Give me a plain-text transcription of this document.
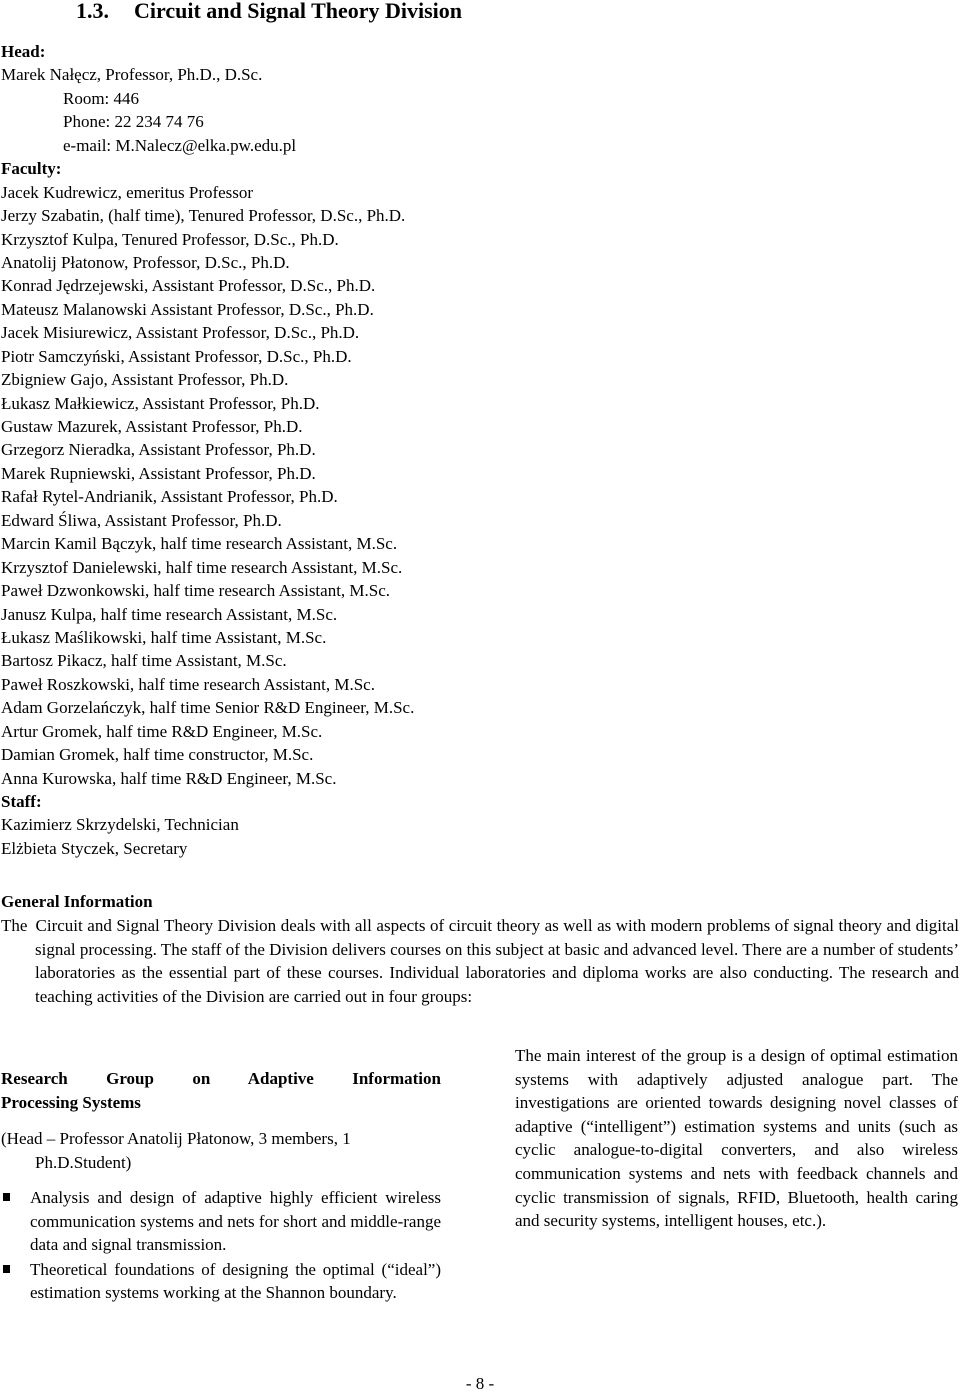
1.3. Circuit and Signal Theory Division
Head:
Marek Nałęcz, Professor, Ph.D., D.Sc.
Room: 446
Phone: 22 234 74 76
e-mail: M.Nalecz@elka.pw.edu.pl
Faculty:
Jacek Kudrewicz, emeritus Professor
Jerzy Szabatin, (half time), Tenured Professor, D.Sc., Ph.D.
Krzysztof Kulpa, Tenured Professor, D.Sc., Ph.D.
Anatolij Płatonow, Professor, D.Sc., Ph.D.
Konrad Jędrzejewski, Assistant Professor, D.Sc., Ph.D.
Mateusz Malanowski Assistant Professor, D.Sc., Ph.D.
Jacek Misiurewicz, Assistant Professor, D.Sc., Ph.D.
Piotr Samczyński, Assistant Professor, D.Sc., Ph.D.
Zbigniew Gajo, Assistant Professor, Ph.D.
Łukasz Małkiewicz, Assistant Professor, Ph.D.
Gustaw Mazurek, Assistant Professor, Ph.D.
Grzegorz Nieradka, Assistant Professor, Ph.D.
Marek Rupniewski, Assistant Professor, Ph.D.
Rafał Rytel-Andrianik, Assistant Professor, Ph.D.
Edward Śliwa, Assistant Professor, Ph.D.
Marcin Kamil Bączyk, half time research Assistant, M.Sc.
Krzysztof Danielewski, half time research Assistant, M.Sc.
Paweł Dzwonkowski, half time research Assistant, M.Sc.
Janusz Kulpa, half time research Assistant, M.Sc.
Łukasz Maślikowski, half time Assistant, M.Sc.
Bartosz Pikacz, half time Assistant, M.Sc.
Paweł Roszkowski, half time research Assistant, M.Sc.
Adam Gorzelańczyk, half time Senior R&D Engineer, M.Sc.
Artur Gromek, half time R&D Engineer, M.Sc.
Damian Gromek, half time constructor, M.Sc.
Anna Kurowska, half time R&D Engineer, M.Sc.
Staff:
Kazimierz Skrzydelski, Technician
Elżbieta Styczek, Secretary
General Information
The Circuit and Signal Theory Division deals with all aspects of circuit theory as well as with modern problems of signal theory and digital signal processing. The staff of the Division delivers courses on this subject at basic and advanced level. There are a number of students’ laboratories as the essential part of these courses. Individual laboratories and diploma works are also conducting. The research and teaching activities of the Division are carried out in four groups:
Research Group on Adaptive Information
Processing Systems
(Head – Professor Anatolij Płatonow, 3 members, 1
Ph.D.Student)
Analysis and design of adaptive highly efficient wireless communication systems and nets for short and middle-range data and signal transmission.
Theoretical foundations of designing the optimal (“ideal”) estimation systems working at the Shannon boundary.
The main interest of the group is a design of optimal estimation systems with adaptively adjusted analogue part. The investigations are oriented towards designing novel classes of adaptive (“intelligent”) estimation systems and units (such as cyclic analogue-to-digital converters, and also wireless communication systems and nets with feedback channels and cyclic transmission of signals, RFID, Bluetooth, health caring and security systems, intelligent houses, etc.).
- 8 -
